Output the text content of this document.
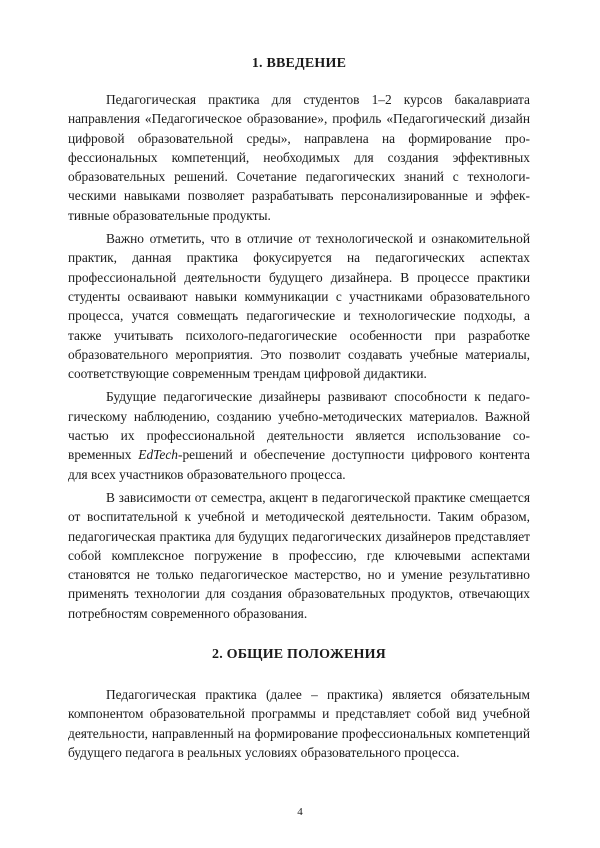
1. ВВЕДЕНИЕ

Педагогическая практика для студентов 1–2 курсов бакалавриата направления «Педагогическое образование», профиль «Педагогический дизайн цифровой образовательной среды», направлена на формирование профессиональных компетенций, необходимых для создания эффективных образовательных решений. Сочетание педагогических знаний с технологическими навыками позволяет разрабатывать персонализированные и эффективные образовательные продукты.

Важно отметить, что в отличие от технологической и ознакомительной практик, данная практика фокусируется на педагогических аспектах профессиональной деятельности будущего дизайнера. В процессе практики студенты осваивают навыки коммуникации с участниками образовательного процесса, учатся совмещать педагогические и технологические подходы, а также учитывать психолого-педагогические особенности при разработке образовательного мероприятия. Это позволит создавать учебные материалы, соответствующие современным трендам цифровой дидактики.

Будущие педагогические дизайнеры развивают способности к педагогическому наблюдению, созданию учебно-методических материалов. Важной частью их профессиональной деятельности является использование современных EdTech-решений и обеспечение доступности цифрового контента для всех участников образовательного процесса.

В зависимости от семестра, акцент в педагогической практике смещается от воспитательной к учебной и методической деятельности. Таким образом, педагогическая практика для будущих педагогических дизайнеров представляет собой комплексное погружение в профессию, где ключевыми аспектами становятся не только педагогическое мастерство, но и умение результативно применять технологии для создания образовательных продуктов, отвечающих потребностям современного образования.

2. ОБЩИЕ ПОЛОЖЕНИЯ

Педагогическая практика (далее – практика) является обязательным компонентом образовательной программы и представляет собой вид учебной деятельности, направленный на формирование профессиональных компетенций будущего педагога в реальных условиях образовательного процесса.

4
